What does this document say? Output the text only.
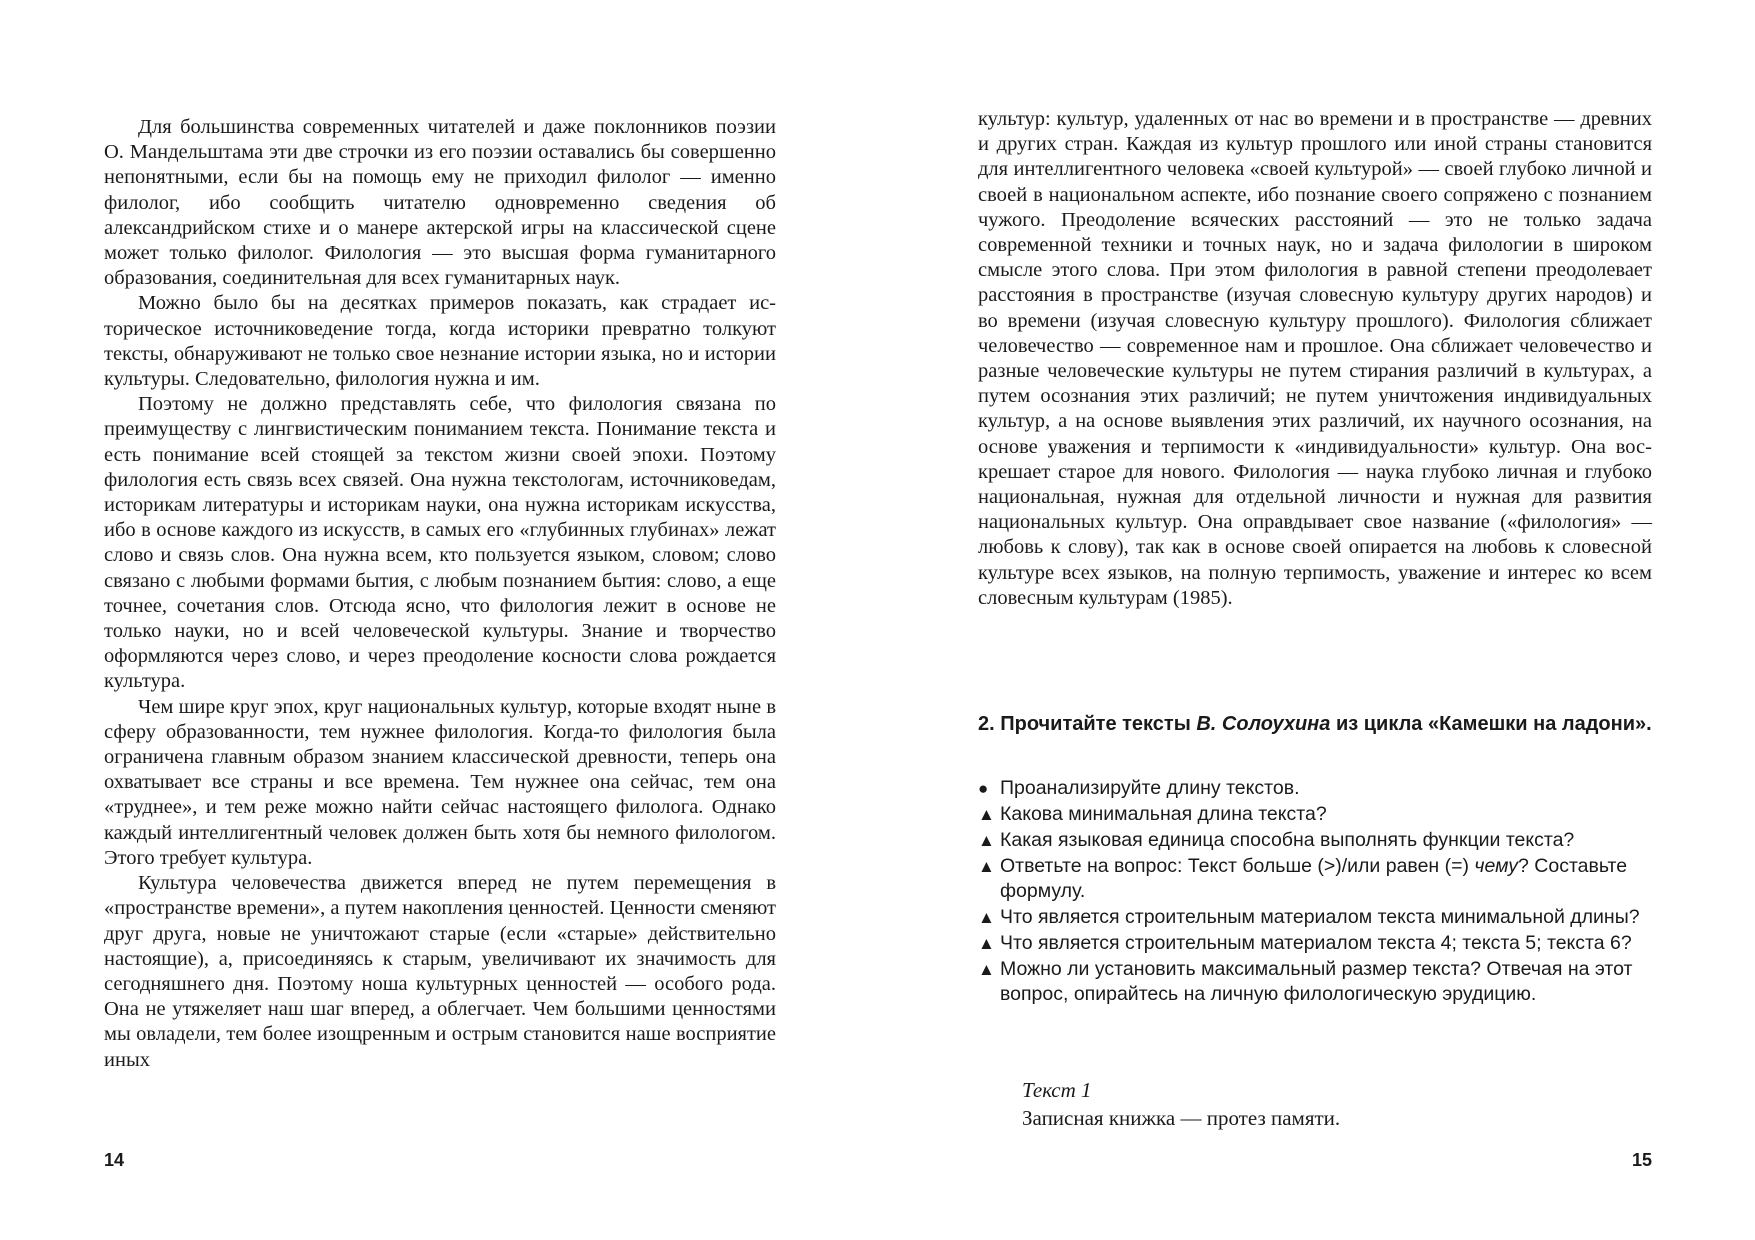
Для большинства современных читателей и даже поклонников поэзии О. Мандельштама эти две строчки из его поэзии оставались бы совершенно непонятными, если бы на помощь ему не приходил филолог — именно филолог, ибо сообщить читателю одновременно сведения об александрийском стихе и о манере актерской игры на классической сцене может только филолог. Филология — это высшая форма гуманитарного образования, соединительная для всех гуманитарных наук.

Можно было бы на десятках примеров показать, как страдает историческое источниковедение тогда, когда историки превратно толкуют тексты, обнаруживают не только свое незнание истории языка, но и истории культуры. Следовательно, филология нужна и им.

Поэтому не должно представлять себе, что филология связана по преимуществу с лингвистическим пониманием текста. Понимание текста и есть понимание всей стоящей за текстом жизни своей эпохи. Поэтому филология есть связь всех связей. Она нужна текстологам, источниковедам, историкам литературы и историкам науки, она нужна историкам искусства, ибо в основе каждого из искусств, в самых его «глубинных глубинах» лежат слово и связь слов. Она нужна всем, кто пользуется языком, словом; слово связано с любыми формами бытия, с любым познанием бытия: слово, а еще точнее, сочетания слов. Отсюда ясно, что филология лежит в основе не только науки, но и всей человеческой культуры. Знание и творчество оформляются через слово, и через преодоление косности слова рождается культура.

Чем шире круг эпох, круг национальных культур, которые входят ныне в сферу образованности, тем нужнее филология. Когда-то филология была ограничена главным образом знанием классической древности, теперь она охватывает все страны и все времена. Тем нужнее она сейчас, тем она «труднее», и тем реже можно найти сейчас настоящего филолога. Однако каждый интеллигентный человек должен быть хотя бы немного филологом. Этого требует культура.

Культура человечества движется вперед не путем перемещения в «пространстве времени», а путем накопления ценностей. Ценности сменяют друг друга, новые не уничтожают старые (если «старые» действительно настоящие), а, присоединяясь к старым, увеличивают их значимость для сегодняшнего дня. Поэтому ноша культурных ценностей — особого рода. Она не утяжеляет наш шаг вперед, а облегчает. Чем большими ценностями мы овладели, тем более изощренным и острым становится наше восприятие иных

14

культур: культур, удаленных от нас во времени и в пространстве — древних и других стран. Каждая из культур прошлого или иной страны становится для интеллигентного человека «своей культурой» — своей глубоко личной и своей в национальном аспекте, ибо познание своего сопряжено с познанием чужого. Преодоление всяческих расстояний — это не только задача современной техники и точных наук, но и задача филологии в широком смысле этого слова. При этом филология в равной степени преодолевает расстояния в пространстве (изучая словесную культуру других народов) и во времени (изучая словесную культуру прошлого). Филология сближает человечество — современное нам и прошлое. Она сближает человечество и разные человеческие культуры не путем стирания различий в культурах, а путем осознания этих различий; не путем уничтожения индивидуальных культур, а на основе выявления этих различий, их научного осознания, на основе уважения и терпимости к «индивидуальности» культур. Она воскрешает старое для нового. Филология — наука глубоко личная и глубоко национальная, нужная для отдельной личности и нужная для развития национальных культур. Она оправдывает свое название («филология» — любовь к слову), так как в основе своей опирается на любовь к словесной культуре всех языков, на полную терпимость, уважение и интерес ко всем словесным культурам (1985).

2. Прочитайте тексты В. Солоухина из цикла «Камешки на ладони».
● Проанализируйте длину текстов.
▲ Какова минимальная длина текста?
▲ Какая языковая единица способна выполнять функции текста?
▲ Ответьте на вопрос: Текст больше (>)/или равен (=) чему? Составьте формулу.
▲ Что является строительным материалом текста минимальной длины?
▲ Что является строительным материалом текста 4; текста 5; текста 6?
▲ Можно ли установить максимальный размер текста? Отвечая на этот вопрос, опирайтесь на личную филологическую эрудицию.
Текст 1
Записная книжка — протез памяти.
15
